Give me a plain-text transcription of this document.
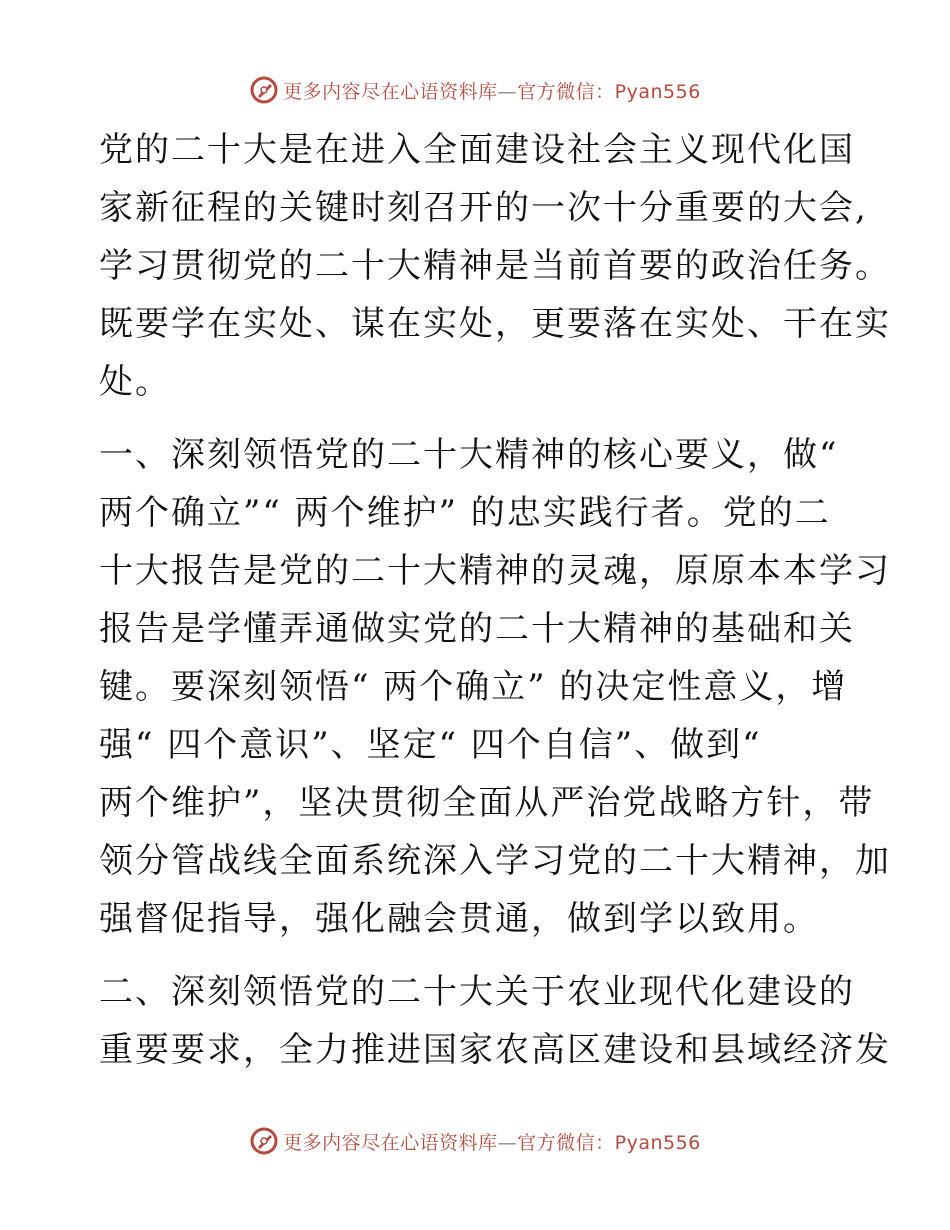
更多内容尽在心语资料库—官方微信：Pyan556

党的二十大是在进入全面建设社会主义现代化国
家新征程的关键时刻召开的一次十分重要的大会,
学习贯彻党的二十大精神是当前首要的政治任务。
既要学在实处、谋在实处，更要落在实处、干在实
处。

一、深刻领悟党的二十大精神的核心要义，做“
两个确立”“ 两个维护” 的忠实践行者。党的二
十大报告是党的二十大精神的灵魂，原原本本学习
报告是学懂弄通做实党的二十大精神的基础和关
键。要深刻领悟“ 两个确立” 的决定性意义，增
强“ 四个意识”、坚定“ 四个自信”、做到“
两个维护”，坚决贯彻全面从严治党战略方针，带
领分管战线全面系统深入学习党的二十大精神，加
强督促指导，强化融会贯通，做到学以致用。

二、深刻领悟党的二十大关于农业现代化建设的
重要要求，全力推进国家农高区建设和县域经济发

更多内容尽在心语资料库—官方微信：Pyan556
